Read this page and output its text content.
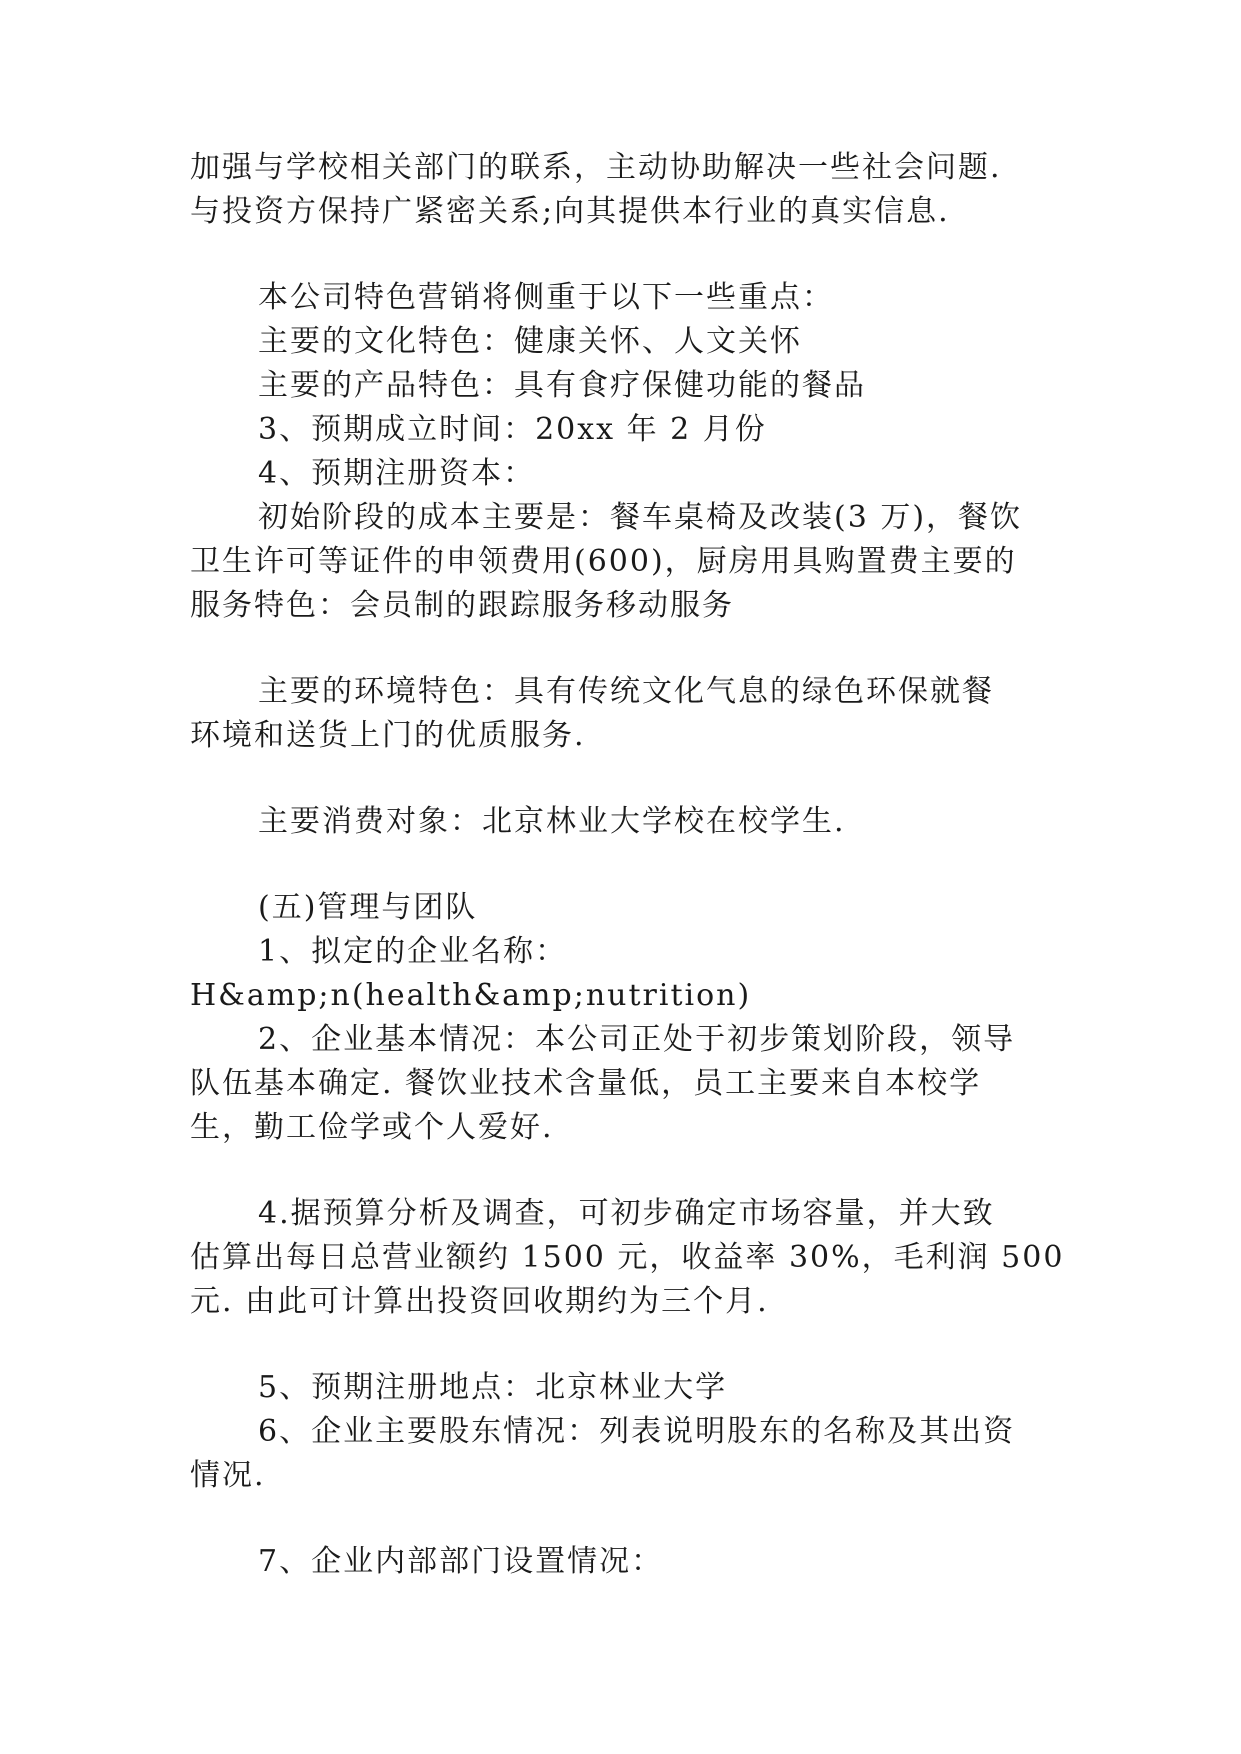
加强与学校相关部门的联系，主动协助解决一些社会问题.
与投资方保持广紧密关系;向其提供本行业的真实信息.
本公司特色营销将侧重于以下一些重点：
主要的文化特色：健康关怀、人文关怀
主要的产品特色：具有食疗保健功能的餐品
3、预期成立时间：20xx 年 2 月份
4、预期注册资本：
初始阶段的成本主要是：餐车桌椅及改装(3 万)，餐饮
卫生许可等证件的申领费用(600)，厨房用具购置费主要的
服务特色：会员制的跟踪服务移动服务
主要的环境特色：具有传统文化气息的绿色环保就餐
环境和送货上门的优质服务.
主要消费对象：北京林业大学校在校学生.
(五)管理与团队
1、拟定的企业名称：
H&amp;n(health&amp;nutrition)
2、企业基本情况：本公司正处于初步策划阶段，领导
队伍基本确定. 餐饮业技术含量低，员工主要来自本校学
生，勤工俭学或个人爱好.
4.据预算分析及调查，可初步确定市场容量，并大致
估算出每日总营业额约 1500 元，收益率 30%，毛利润 500
元. 由此可计算出投资回收期约为三个月.
5、预期注册地点：北京林业大学
6、企业主要股东情况：列表说明股东的名称及其出资
情况.
7、企业内部部门设置情况：
